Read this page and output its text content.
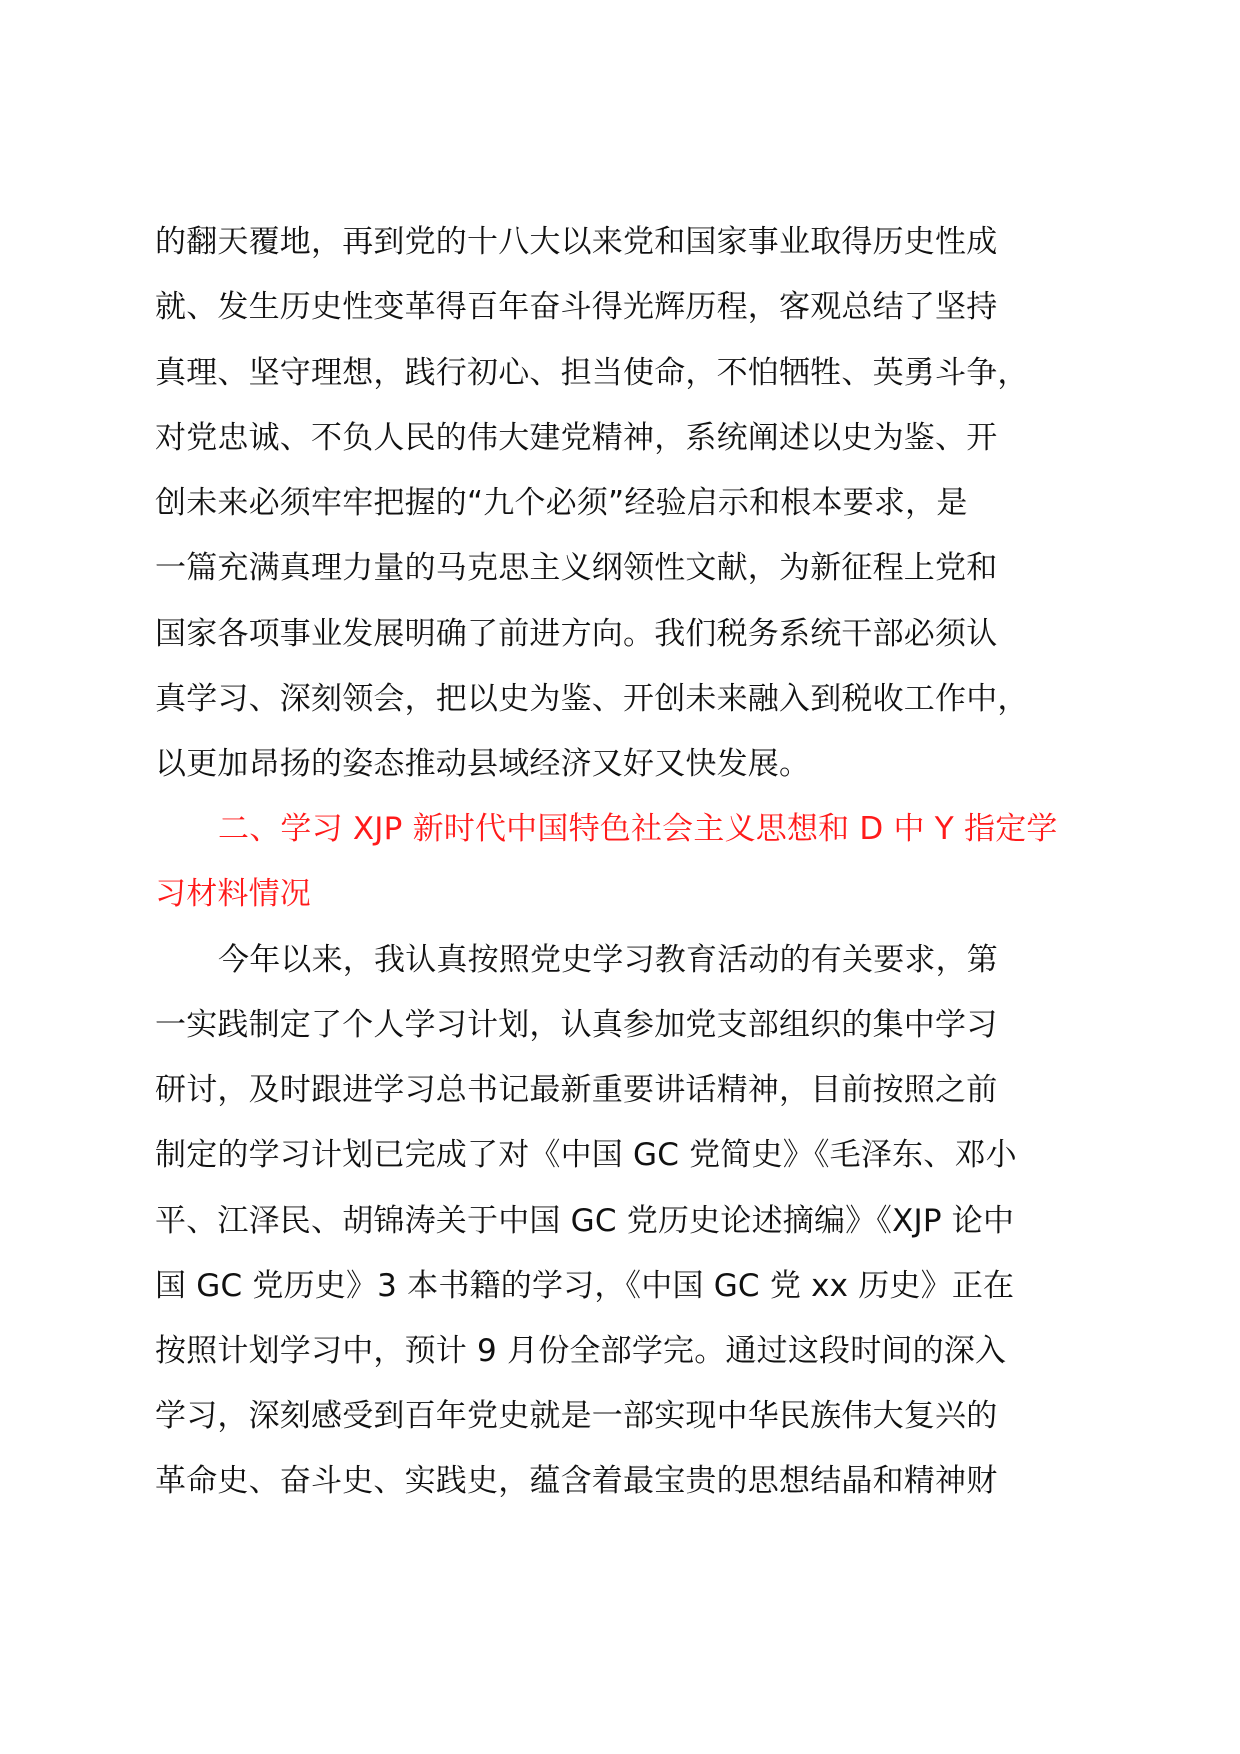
的翻天覆地，再到党的十八大以来党和国家事业取得历史性成
就、发生历史性变革得百年奋斗得光辉历程，客观总结了坚持
真理、坚守理想，践行初心、担当使命，不怕牺牲、英勇斗争，
对党忠诚、不负人民的伟大建党精神，系统阐述以史为鉴、开
创未来必须牢牢把握的“九个必须”经验启示和根本要求，是
一篇充满真理力量的马克思主义纲领性文献，为新征程上党和
国家各项事业发展明确了前进方向。我们税务系统干部必须认
真学习、深刻领会，把以史为鉴、开创未来融入到税收工作中，
以更加昂扬的姿态推动县域经济又好又快发展。
二、学习 XJP 新时代中国特色社会主义思想和 D 中 Y 指定学
习材料情况
今年以来，我认真按照党史学习教育活动的有关要求，第
一实践制定了个人学习计划，认真参加党支部组织的集中学习
研讨，及时跟进学习总书记最新重要讲话精神，目前按照之前
制定的学习计划已完成了对《中国 GC 党简史》《毛泽东、邓小
平、江泽民、胡锦涛关于中国 GC 党历史论述摘编》《XJP 论中
国 GC 党历史》3 本书籍的学习，《中国 GC 党 xx 历史》正在
按照计划学习中，预计 9 月份全部学完。通过这段时间的深入
学习，深刻感受到百年党史就是一部实现中华民族伟大复兴的
革命史、奋斗史、实践史，蕴含着最宝贵的思想结晶和精神财
